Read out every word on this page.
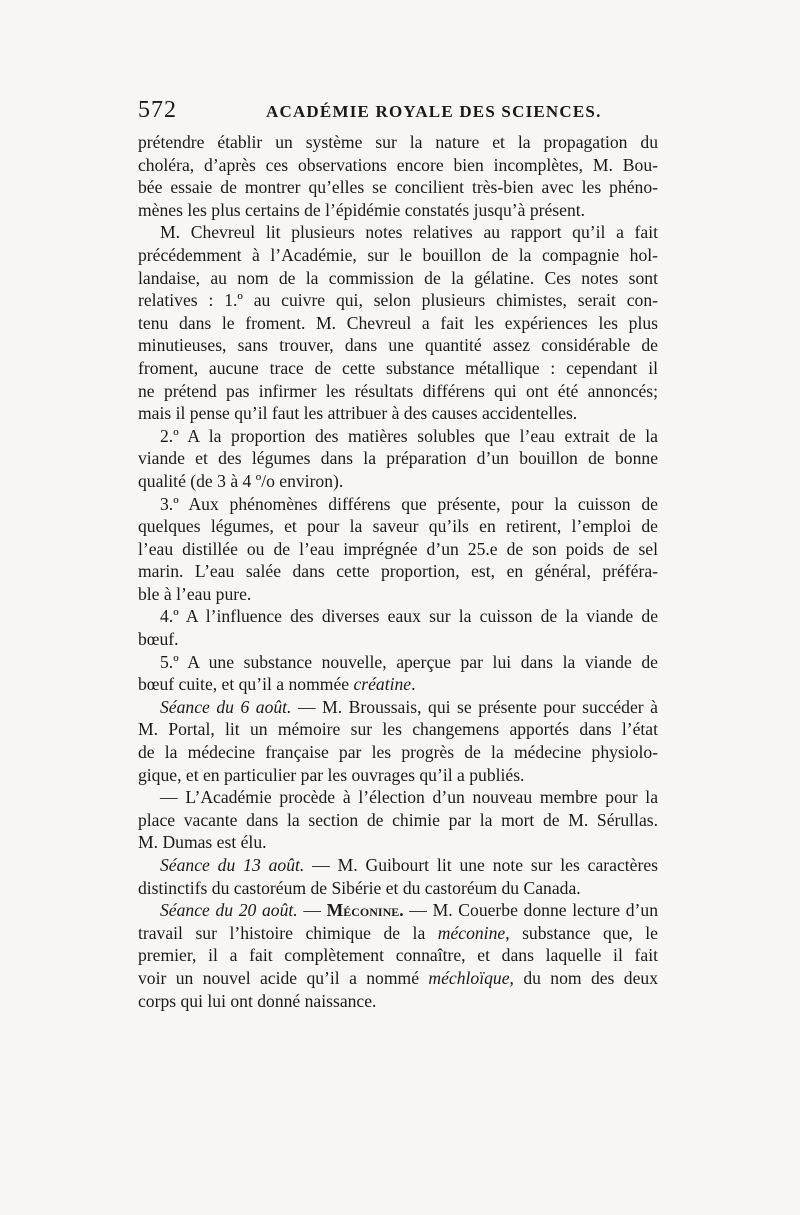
572	ACADÉMIE ROYALE DES SCIENCES.
prétendre établir un système sur la nature et la propagation du
choléra, d’après ces observations encore bien incomplètes, M. Bou-
bée essaie de montrer qu’elles se concilient très-bien avec les phéno-
mènes les plus certains de l’épidémie constatés jusqu’à présent.
M. Chevreul lit plusieurs notes relatives au rapport qu’il a fait
précédemment à l’Académie, sur le bouillon de la compagnie hol-
landaise, au nom de la commission de la gélatine. Ces notes sont
relatives : 1.º au cuivre qui, selon plusieurs chimistes, serait con-
tenu dans le froment. M. Chevreul a fait les expériences les plus
minutieuses, sans trouver, dans une quantité assez considérable de
froment, aucune trace de cette substance métallique : cependant il
ne prétend pas infirmer les résultats différens qui ont été annoncés;
mais il pense qu’il faut les attribuer à des causes accidentelles.
2.º A la proportion des matières solubles que l’eau extrait de la
viande et des légumes dans la préparation d’un bouillon de bonne
qualité (de 3 à 4 º/o environ).
3.º Aux phénomènes différens que présente, pour la cuisson de
quelques légumes, et pour la saveur qu’ils en retirent, l’emploi de
l’eau distillée ou de l’eau imprégnée d’un 25.e de son poids de sel
marin. L’eau salée dans cette proportion, est, en général, préféra-
ble à l’eau pure.
4.º A l’influence des diverses eaux sur la cuisson de la viande de
bœuf.
5.º A une substance nouvelle, aperçue par lui dans la viande de
bœuf cuite, et qu’il a nommée créatine.
Séance du 6 août. — M. Broussais, qui se présente pour succéder à
M. Portal, lit un mémoire sur les changemens apportés dans l’état
de la médecine française par les progrès de la médecine physiolo-
gique, et en particulier par les ouvrages qu’il a publiés.
— L’Académie procède à l’élection d’un nouveau membre pour la
place vacante dans la section de chimie par la mort de M. Sérullas.
M. Dumas est élu.
Séance du 13 août. — M. Guibourt lit une note sur les caractères
distinctifs du castoréum de Sibérie et du castoréum du Canada.
Séance du 20 août. — Méconine. — M. Couerbe donne lecture d’un
travail sur l’histoire chimique de la méconine, substance que, le
premier, il a fait complètement connaître, et dans laquelle il fait
voir un nouvel acide qu’il a nommé méchloïque, du nom des deux
corps qui lui ont donné naissance.
